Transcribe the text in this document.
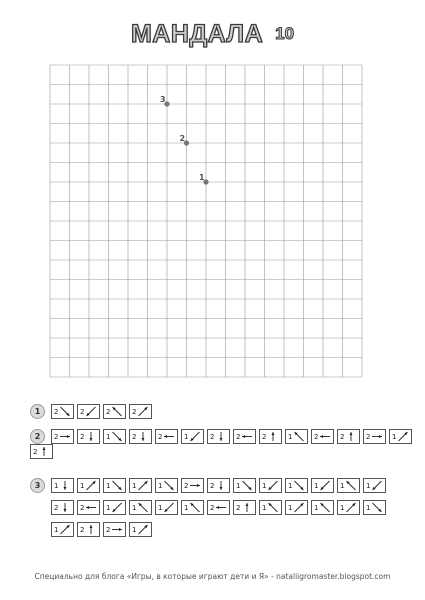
МАНДАЛА 10
3
2
1
1	2	2	2	2
2	2	2	1	2	2	1	2	2	2	1	2	2	2	1
2
3	1	1	1	1	1	2	2	1	1	1	1	1	1
2	2	1	1	1	1	2	2	1	1	1	1	1
1	2	2	1
Специально для блога «Игры, в которые играют дети и Я» - nataliigromaster.blogspot.com
